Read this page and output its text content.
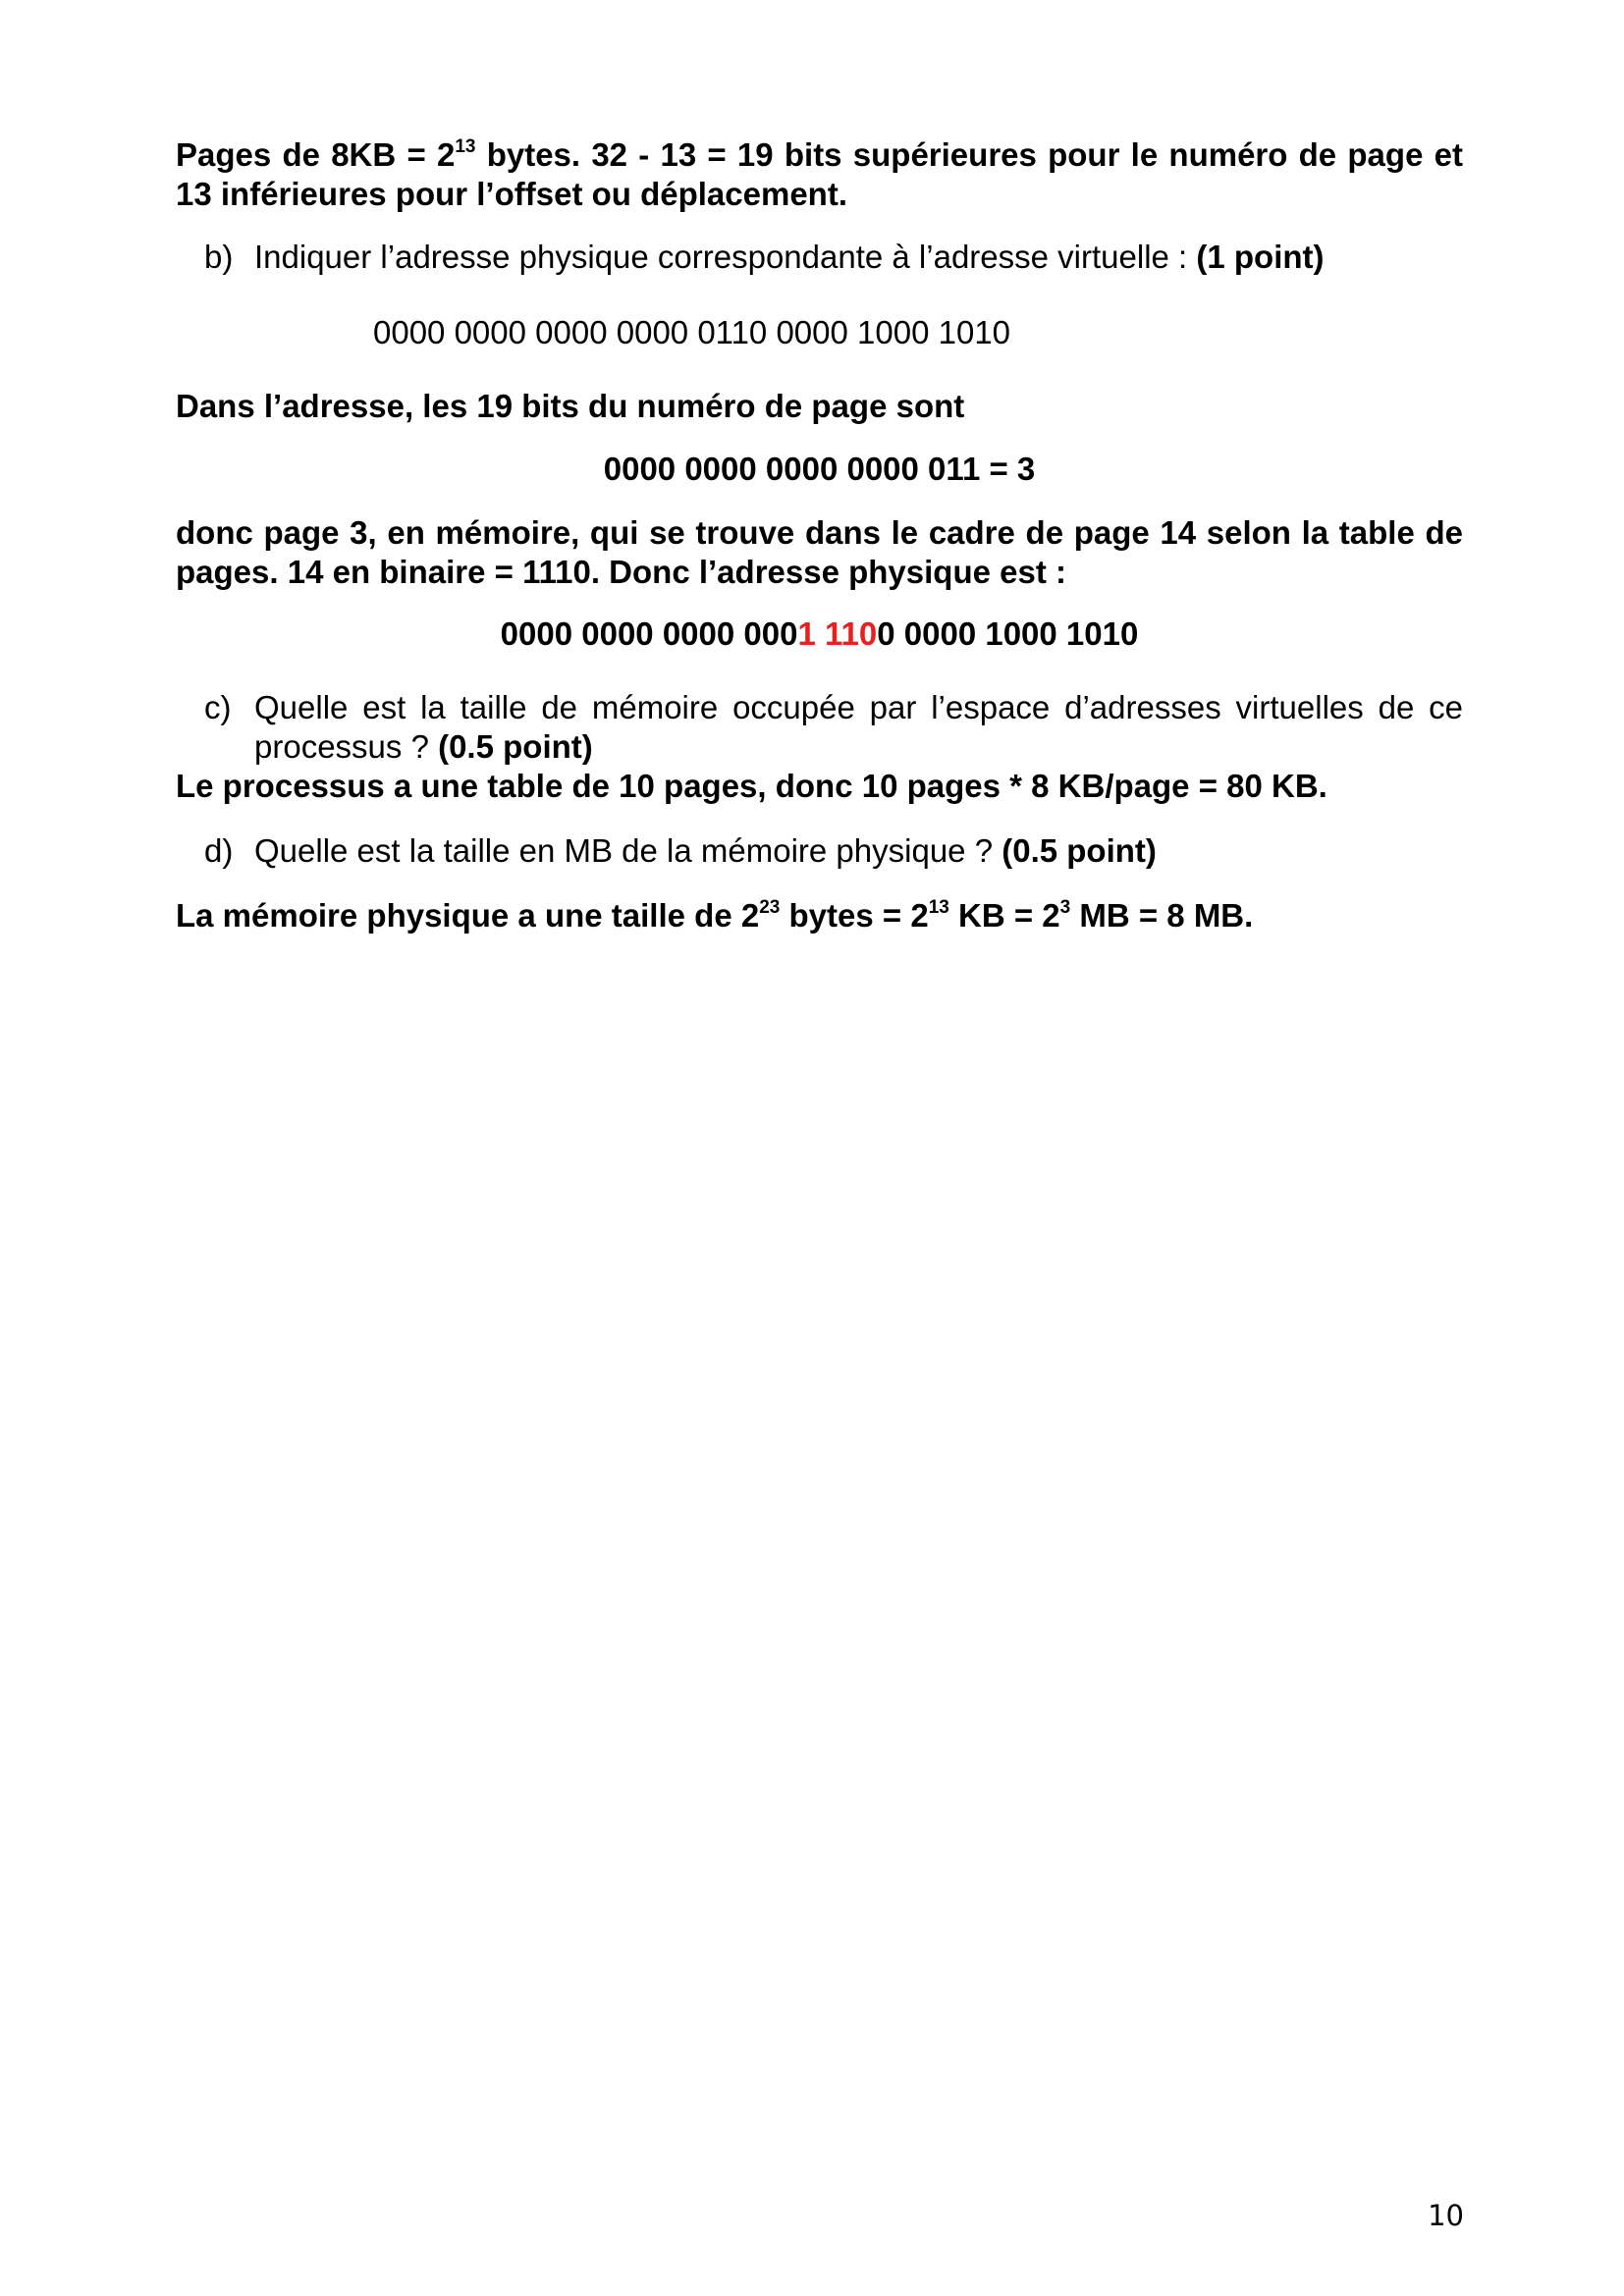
Pages de $8KB = 2^{13}$ bytes. 32 - 13 = 19 bits supérieures pour le numéro de page et 13 inférieures pour l’offset ou déplacement.

b) Indiquer l’adresse physique correspondante à l’adresse virtuelle : (1 point)
0000 0000 0000 0000 0110 0000 1000 1010

Dans l’adresse, les 19 bits du numéro de page sont

0000 0000 0000 0000 011 = 3

donc page 3, en mémoire, qui se trouve dans le cadre de page 14 selon la table de pages. 14 en binaire = 1110. Donc l’adresse physique est :

0000 0000 0000 0001 1100 0000 1000 1010
c) Quelle est la taille de mémoire occupée par l’espace d’adresses virtuelles de ce processus ? (0.5 point)

Le processus a une table de 10 pages, donc 10 pages * 8 KB/page = 80 KB.

d) Quelle est la taille en MB de la mémoire physique ? (0.5 point)

La mémoire physique a une taille de $2^{23}$ bytes = $2^{13}$ KB = $2^3$ MB = 8 MB.

10
